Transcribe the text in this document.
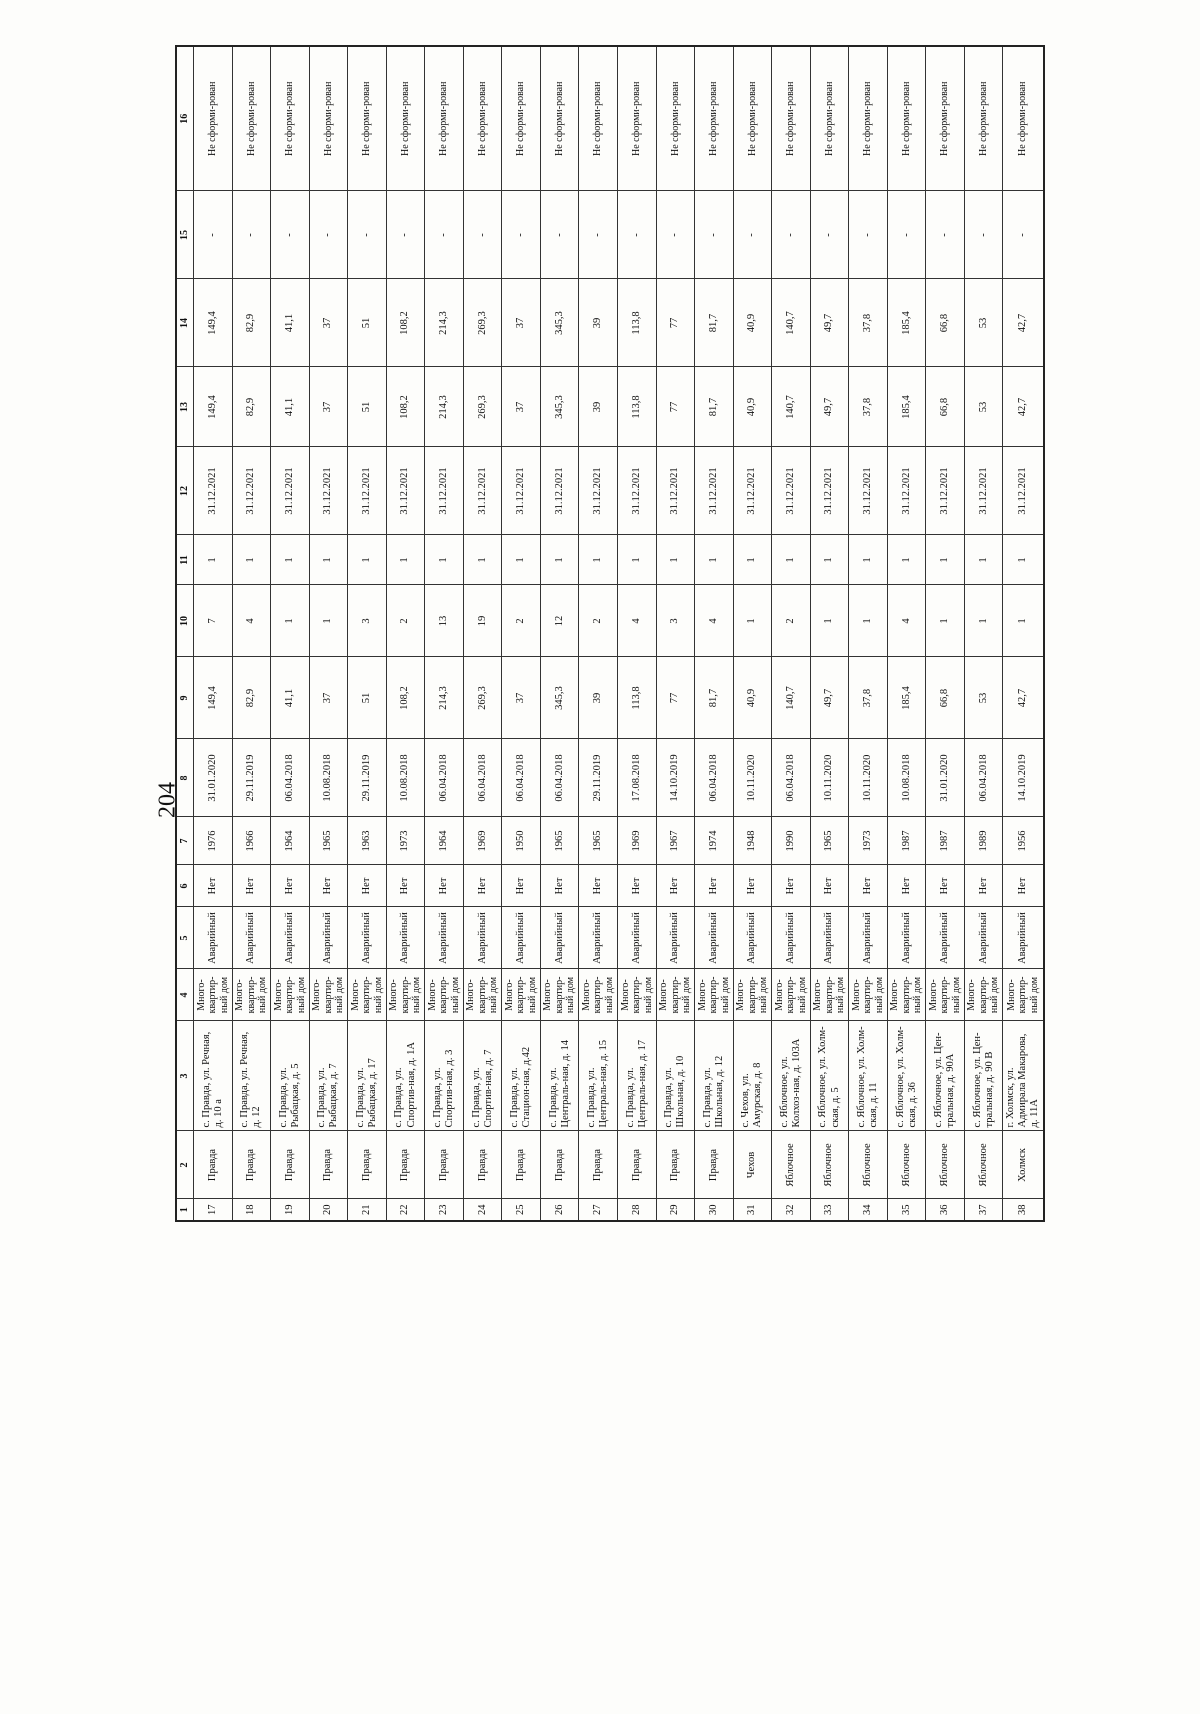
204
1	2	3	4	5	6	7	8	9	10	11	12	13	14	15	16
17	Правда	с. Правда, ул. Речная, д. 10 а	Много-квартир-ный дом	Аварийный	Нет	1976	31.01.2020	149,4	7	1	31.12.2021	149,4	149,4	-	Не сформи-рован
18	Правда	с. Правда, ул. Речная, д. 12	Много-квартир-ный дом	Аварийный	Нет	1966	29.11.2019	82,9	4	1	31.12.2021	82,9	82,9	-	Не сформи-рован
19	Правда	с. Правда, ул. Рыбацкая, д. 5	Много-квартир-ный дом	Аварийный	Нет	1964	06.04.2018	41,1	1	1	31.12.2021	41,1	41,1	-	Не сформи-рован
20	Правда	с. Правда, ул. Рыбацкая, д. 7	Много-квартир-ный дом	Аварийный	Нет	1965	10.08.2018	37	1	1	31.12.2021	37	37	-	Не сформи-рован
21	Правда	с. Правда, ул. Рыбацкая, д. 17	Много-квартир-ный дом	Аварийный	Нет	1963	29.11.2019	51	3	1	31.12.2021	51	51	-	Не сформи-рован
22	Правда	с. Правда, ул. Спортив-ная, д. 1А	Много-квартир-ный дом	Аварийный	Нет	1973	10.08.2018	108,2	2	1	31.12.2021	108,2	108,2	-	Не сформи-рован
23	Правда	с. Правда, ул. Спортив-ная, д. 3	Много-квартир-ный дом	Аварийный	Нет	1964	06.04.2018	214,3	13	1	31.12.2021	214,3	214,3	-	Не сформи-рован
24	Правда	с. Правда, ул. Спортив-ная, д. 7	Много-квартир-ный дом	Аварийный	Нет	1969	06.04.2018	269,3	19	1	31.12.2021	269,3	269,3	-	Не сформи-рован
25	Правда	с. Правда, ул. Стацион-ная, д.42	Много-квартир-ный дом	Аварийный	Нет	1950	06.04.2018	37	2	1	31.12.2021	37	37	-	Не сформи-рован
26	Правда	с. Правда, ул. Централь-ная, д. 14	Много-квартир-ный дом	Аварийный	Нет	1965	06.04.2018	345,3	12	1	31.12.2021	345,3	345,3	-	Не сформи-рован
27	Правда	с. Правда, ул. Централь-ная, д. 15	Много-квартир-ный дом	Аварийный	Нет	1965	29.11.2019	39	2	1	31.12.2021	39	39	-	Не сформи-рован
28	Правда	с. Правда, ул. Централь-ная, д. 17	Много-квартир-ный дом	Аварийный	Нет	1969	17.08.2018	113,8	4	1	31.12.2021	113,8	113,8	-	Не сформи-рован
29	Правда	с. Правда, ул. Школьная, д. 10	Много-квартир-ный дом	Аварийный	Нет	1967	14.10.2019	77	3	1	31.12.2021	77	77	-	Не сформи-рован
30	Правда	с. Правда, ул. Школьная, д. 12	Много-квартир-ный дом	Аварийный	Нет	1974	06.04.2018	81,7	4	1	31.12.2021	81,7	81,7	-	Не сформи-рован
31	Чехов	с. Чехов, ул. Амурская, д. 8	Много-квартир-ный дом	Аварийный	Нет	1948	10.11.2020	40,9	1	1	31.12.2021	40,9	40,9	-	Не сформи-рован
32	Яблочное	с. Яблочное, ул. Колхоз-ная, д. 103А	Много-квартир-ный дом	Аварийный	Нет	1990	06.04.2018	140,7	2	1	31.12.2021	140,7	140,7	-	Не сформи-рован
33	Яблочное	с. Яблочное, ул. Холм-ская, д. 5	Много-квартир-ный дом	Аварийный	Нет	1965	10.11.2020	49,7	1	1	31.12.2021	49,7	49,7	-	Не сформи-рован
34	Яблочное	с. Яблочное, ул. Холм-ская, д. 11	Много-квартир-ный дом	Аварийный	Нет	1973	10.11.2020	37,8	1	1	31.12.2021	37,8	37,8	-	Не сформи-рован
35	Яблочное	с. Яблочное, ул. Холм-ская, д. 36	Много-квартир-ный дом	Аварийный	Нет	1987	10.08.2018	185,4	4	1	31.12.2021	185,4	185,4	-	Не сформи-рован
36	Яблочное	с. Яблочное, ул. Цен-тральная, д. 90А	Много-квартир-ный дом	Аварийный	Нет	1987	31.01.2020	66,8	1	1	31.12.2021	66,8	66,8	-	Не сформи-рован
37	Яблочное	с. Яблочное, ул. Цен-тральная, д. 90 В	Много-квартир-ный дом	Аварийный	Нет	1989	06.04.2018	53	1	1	31.12.2021	53	53	-	Не сформи-рован
38	Холмск	г. Холмск, ул. Адмирала Макарова, д. 11А	Много-квартир-ный дом	Аварийный	Нет	1956	14.10.2019	42,7	1	1	31.12.2021	42,7	42,7	-	Не сформи-рован
